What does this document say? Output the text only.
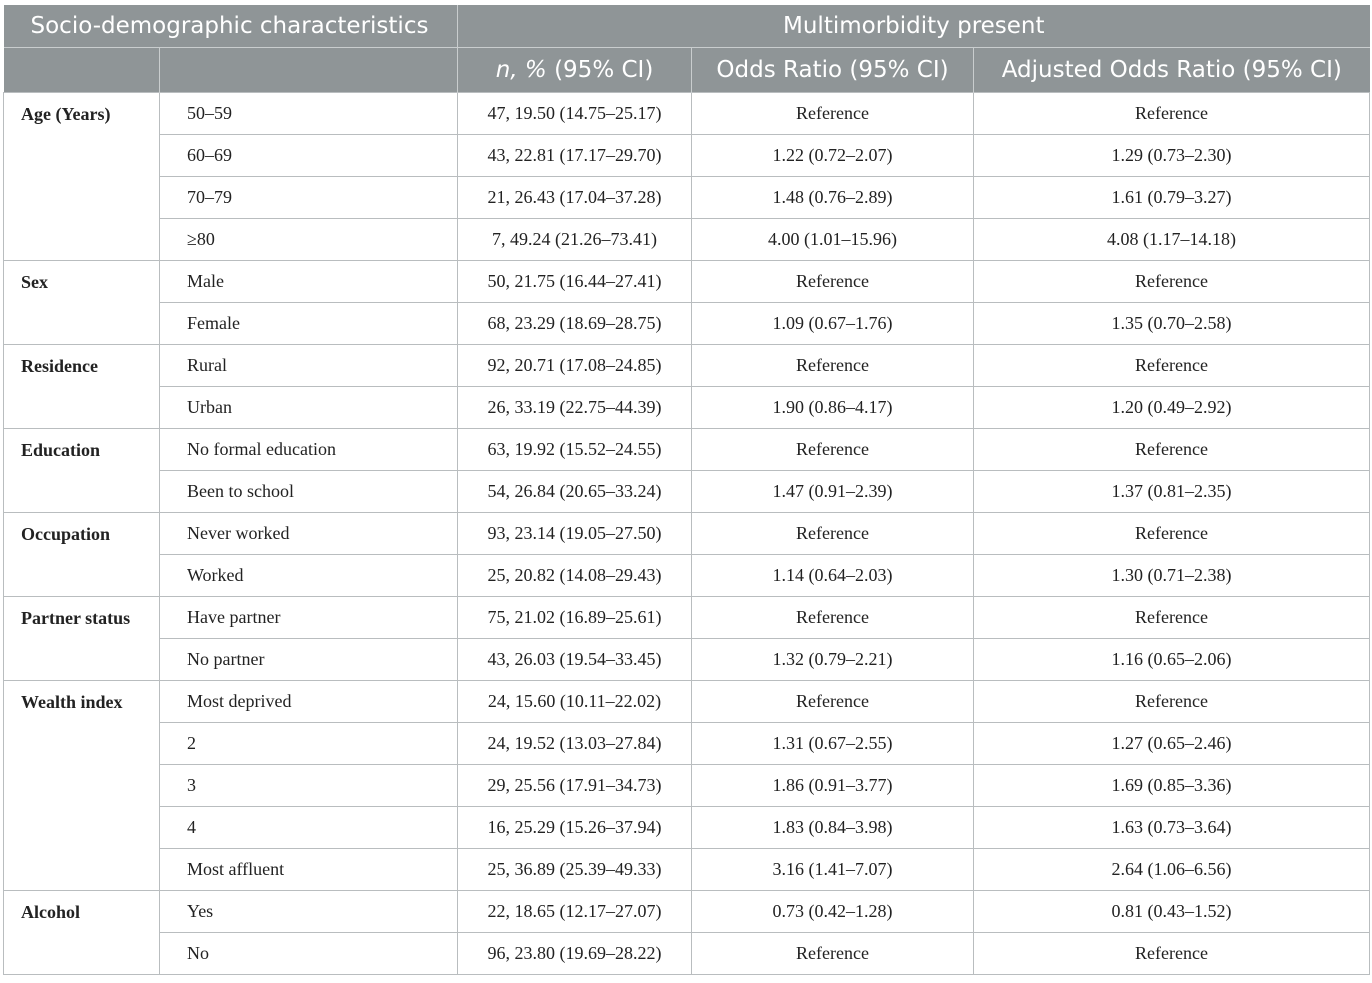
Socio-demographic characteristics		Multimorbidity present		
		n, % (95% CI)	Odds Ratio (95% CI)	Adjusted Odds Ratio (95% CI)
Age (Years)	50–59	47, 19.50 (14.75–25.17)	Reference	Reference
	60–69	43, 22.81 (17.17–29.70)	1.22 (0.72–2.07)	1.29 (0.73–2.30)
	70–79	21, 26.43 (17.04–37.28)	1.48 (0.76–2.89)	1.61 (0.79–3.27)
	≥80	7, 49.24 (21.26–73.41)	4.00 (1.01–15.96)	4.08 (1.17–14.18)
Sex	Male	50, 21.75 (16.44–27.41)	Reference	Reference
	Female	68, 23.29 (18.69–28.75)	1.09 (0.67–1.76)	1.35 (0.70–2.58)
Residence	Rural	92, 20.71 (17.08–24.85)	Reference	Reference
	Urban	26, 33.19 (22.75–44.39)	1.90 (0.86–4.17)	1.20 (0.49–2.92)
Education	No formal education	63, 19.92 (15.52–24.55)	Reference	Reference
	Been to school	54, 26.84 (20.65–33.24)	1.47 (0.91–2.39)	1.37 (0.81–2.35)
Occupation	Never worked	93, 23.14 (19.05–27.50)	Reference	Reference
	Worked	25, 20.82 (14.08–29.43)	1.14 (0.64–2.03)	1.30 (0.71–2.38)
Partner status	Have partner	75, 21.02 (16.89–25.61)	Reference	Reference
	No partner	43, 26.03 (19.54–33.45)	1.32 (0.79–2.21)	1.16 (0.65–2.06)
Wealth index	Most deprived	24, 15.60 (10.11–22.02)	Reference	Reference
	2	24, 19.52 (13.03–27.84)	1.31 (0.67–2.55)	1.27 (0.65–2.46)
	3	29, 25.56 (17.91–34.73)	1.86 (0.91–3.77)	1.69 (0.85–3.36)
	4	16, 25.29 (15.26–37.94)	1.83 (0.84–3.98)	1.63 (0.73–3.64)
	Most affluent	25, 36.89 (25.39–49.33)	3.16 (1.41–7.07)	2.64 (1.06–6.56)
Alcohol	Yes	22, 18.65 (12.17–27.07)	0.73 (0.42–1.28)	0.81 (0.43–1.52)
	No	96, 23.80 (19.69–28.22)	Reference	Reference
